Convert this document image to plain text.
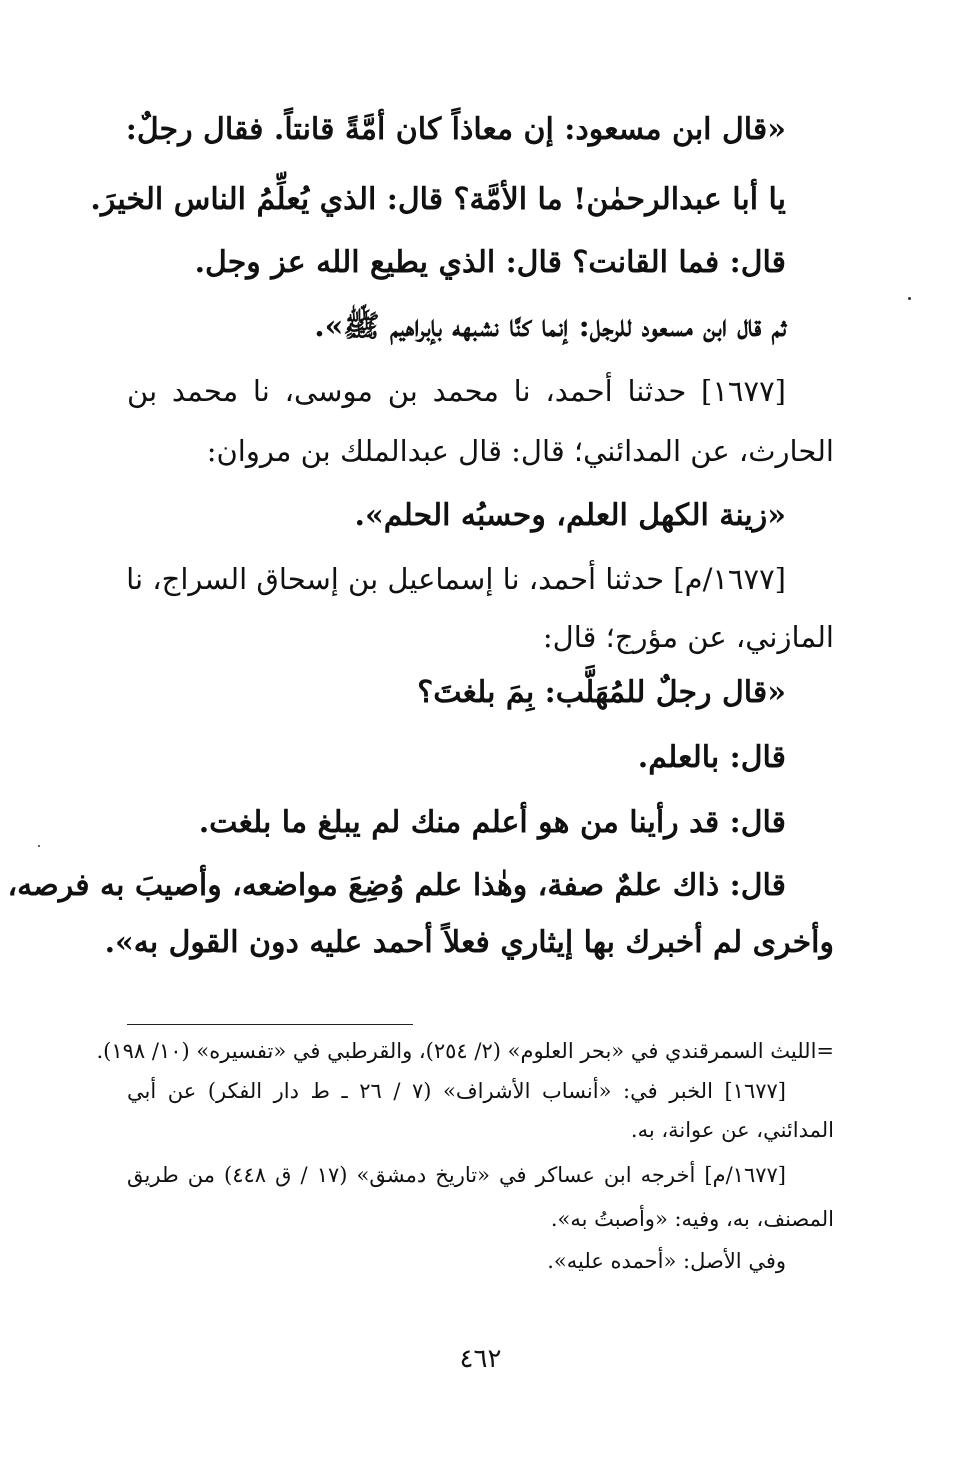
«قال ابن مسعود: إن معاذاً كان أمَّةً قانتاً. فقال رجلٌ:
يا أبا عبدالرحمٰن! ما الأمَّة؟ قال: الذي يُعلِّمُ الناس الخيرَ.
قال: فما القانت؟ قال: الذي يطيع الله عز وجل.
ثم قال ابن مسعود للرجل: إنما كنَّا نشبهه بإبراهيم ﷺ».
[١٦٧٧] حدثنا أحمد، نا محمد بن موسى، نا محمد بن
الحارث، عن المدائني؛ قال: قال عبدالملك بن مروان:
«زينة الكهل العلم، وحسبُه الحلم».
[١٦٧٧/م] حدثنا أحمد، نا إسماعيل بن إسحاق السراج، نا
المازني، عن مؤرج؛ قال:
«قال رجلٌ للمُهَلَّب: بِمَ بلغتَ؟
قال: بالعلم.
قال: قد رأينا من هو أعلم منك لم يبلغ ما بلغت.
قال: ذاك علمٌ صفة، وهٰذا علم وُضِعَ مواضعه، وأصيبَ به فرصه،
وأخرى لم أخبرك بها إيثاري فعلاً أحمد عليه دون القول به».
=الليث السمرقندي في «بحر العلوم» (٢/ ٢٥٤)، والقرطبي في «تفسيره» (١٠/ ١٩٨).
[١٦٧٧] الخبر في: «أنساب الأشراف» (٧ / ٢٦ ـ ط دار الفكر) عن أبي
المدائني، عن عوانة، به.
[١٦٧٧/م] أخرجه ابن عساكر في «تاريخ دمشق» (١٧ / ق ٤٤٨) من طريق
المصنف، به، وفيه: «وأصبتُ به».
وفي الأصل: «أحمده عليه».
٤٦٢
